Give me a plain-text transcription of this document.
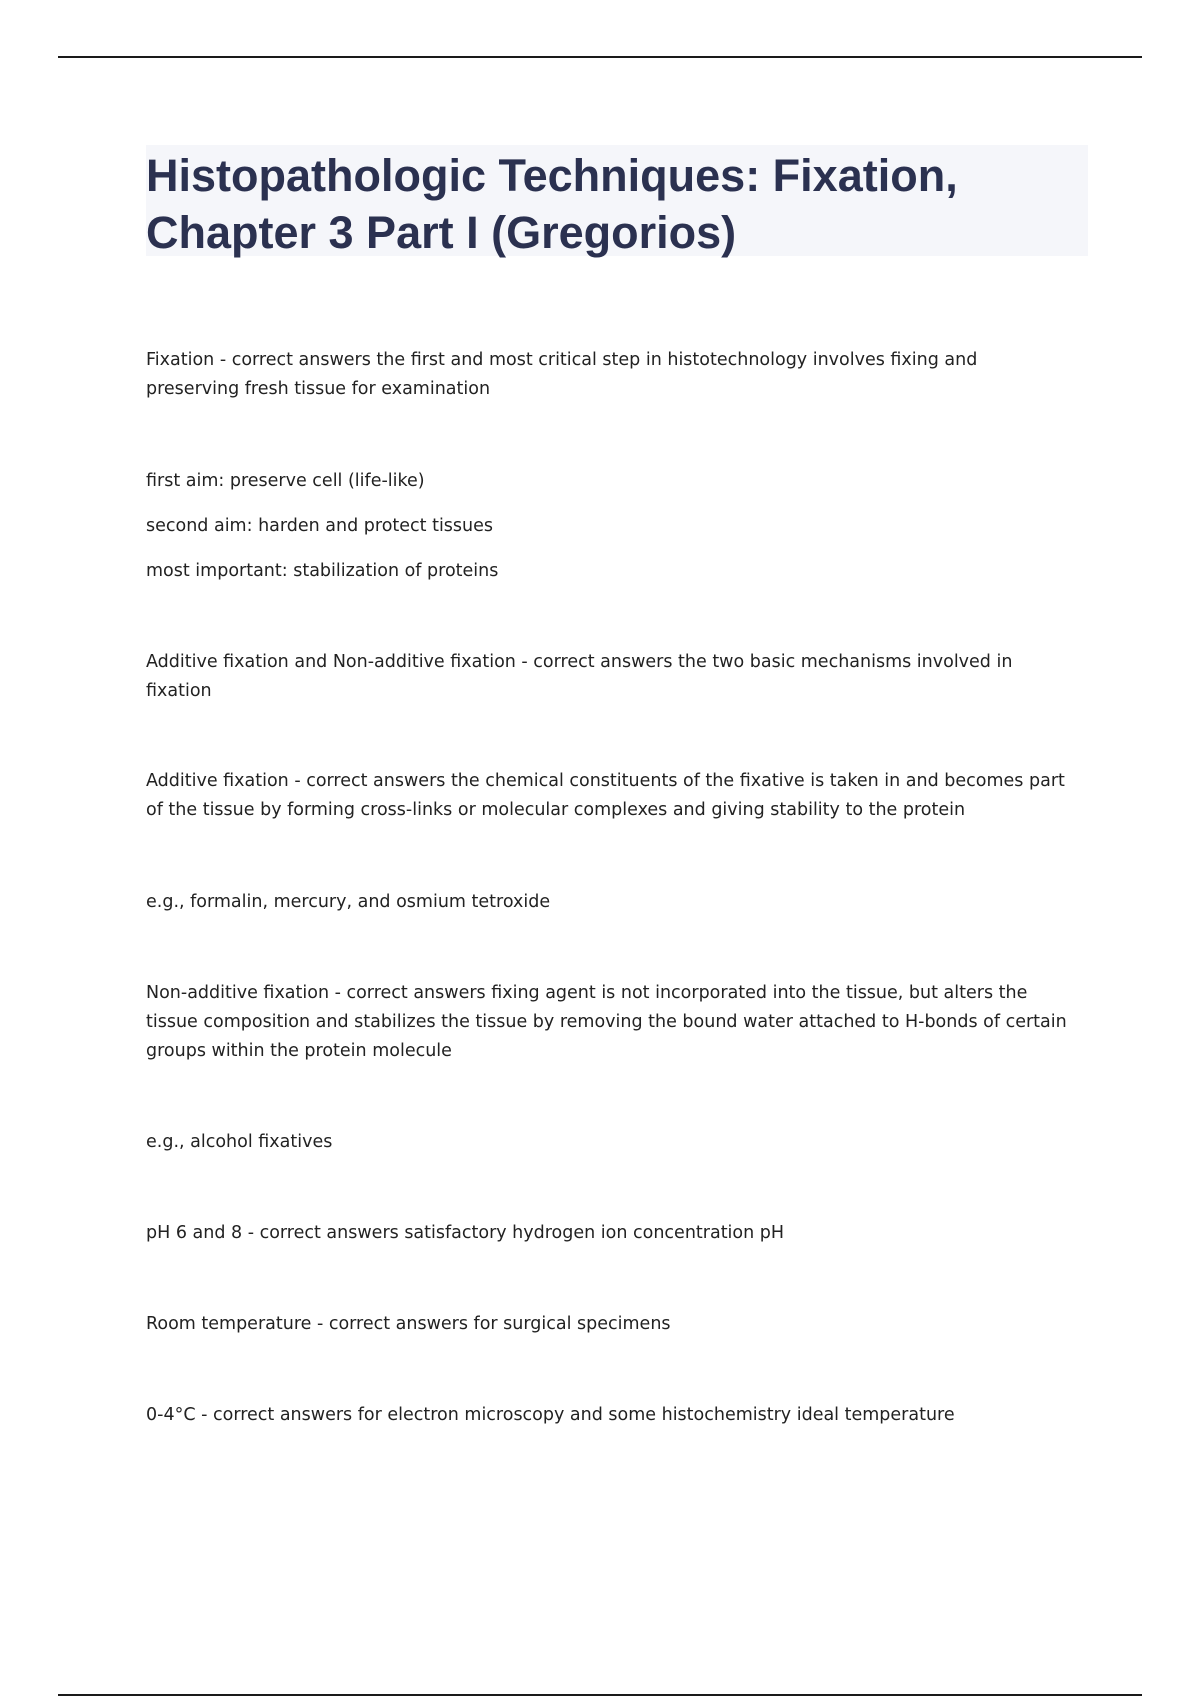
Histopathologic Techniques: Fixation,
Chapter 3 Part I (Gregorios)

Fixation - correct answers the first and most critical step in histotechnology involves fixing and
preserving fresh tissue for examination

first aim: preserve cell (life-like)

second aim: harden and protect tissues

most important: stabilization of proteins

Additive fixation and Non-additive fixation - correct answers the two basic mechanisms involved in
fixation

Additive fixation - correct answers the chemical constituents of the fixative is taken in and becomes part
of the tissue by forming cross-links or molecular complexes and giving stability to the protein

e.g., formalin, mercury, and osmium tetroxide

Non-additive fixation - correct answers fixing agent is not incorporated into the tissue, but alters the
tissue composition and stabilizes the tissue by removing the bound water attached to H-bonds of certain
groups within the protein molecule

e.g., alcohol fixatives

pH 6 and 8 - correct answers satisfactory hydrogen ion concentration pH

Room temperature - correct answers for surgical specimens

0-4°C - correct answers for electron microscopy and some histochemistry ideal temperature
